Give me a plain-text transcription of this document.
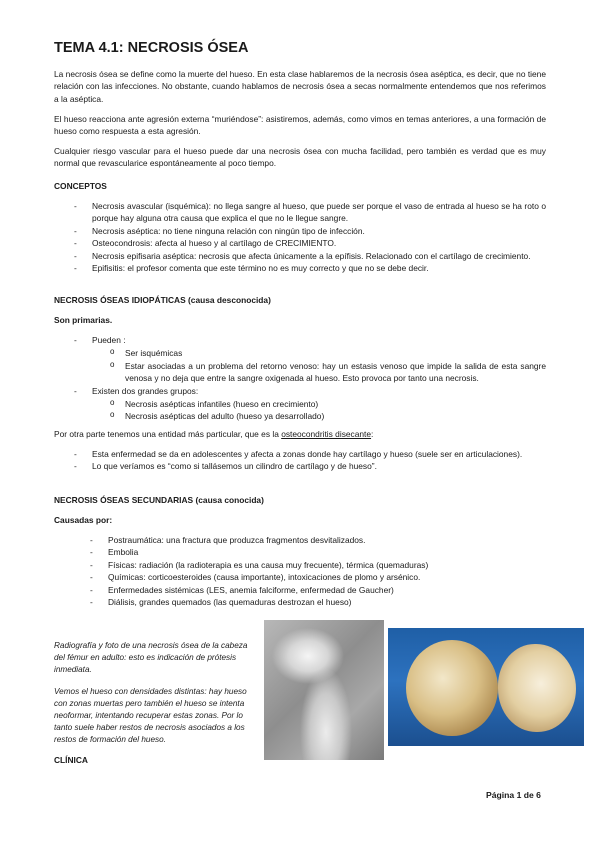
TEMA 4.1: NECROSIS ÓSEA

La necrosis ósea se define como la muerte del hueso. En esta clase hablaremos de la necrosis ósea aséptica, es decir, que no tiene relación con las infecciones. No obstante, cuando hablamos de necrosis ósea a secas normalmente entendemos que nos referimos a la aséptica.

El hueso reacciona ante agresión externa “muriéndose”: asistiremos, además, como vimos en temas anteriores, a una formación de hueso como respuesta a esta agresión.

Cualquier riesgo vascular para el hueso puede dar una necrosis ósea con mucha facilidad, pero también es verdad que es muy normal que revascularice espontáneamente al poco tiempo.

CONCEPTOS

- Necrosis avascular (isquémica): no llega sangre al hueso, que puede ser porque el vaso de entrada al hueso se ha roto o porque hay alguna otra causa que explica el que no le llegue sangre.
- Necrosis aséptica: no tiene ninguna relación con ningún tipo de infección.
- Osteocondrosis: afecta al hueso y al cartílago de CRECIMIENTO.
- Necrosis epifisaria aséptica: necrosis que afecta únicamente a la epífisis. Relacionado con el cartílago de crecimiento.
- Epifisitis: el profesor comenta que este término no es muy correcto y que no se debe decir.

NECROSIS ÓSEAS IDIOPÁTICAS (causa desconocida)

Son primarias.

- Pueden :
o Ser isquémicas
o Estar asociadas a un problema del retorno venoso: hay un estasis venoso que impide la salida de esta sangre venosa y no deja que entre la sangre oxigenada al hueso. Esto provoca por tanto una necrosis.
- Existen dos grandes grupos:
o Necrosis asépticas infantiles (hueso en crecimiento)
o Necrosis asépticas del adulto (hueso ya desarrollado)

Por otra parte tenemos una entidad más particular, que es la osteocondritis disecante:

- Esta enfermedad se da en adolescentes y afecta a zonas donde hay cartílago y hueso (suele ser en articulaciones).
- Lo que veríamos es “como si tallásemos un cilindro de cartílago y de hueso”.

NECROSIS ÓSEAS SECUNDARIAS (causa conocida)

Causadas por:

- Postraumática: una fractura que produzca fragmentos desvitalizados.
- Embolia
- Físicas: radiación (la radioterapia es una causa muy frecuente), térmica (quemaduras)
- Químicas: corticoesteroides (causa importante), intoxicaciones de plomo y arsénico.
- Enfermedades sistémicas (LES, anemia falciforme, enfermedad de Gaucher)
- Diálisis, grandes quemados (las quemaduras destrozan el hueso)

Radiografía y foto de una necrosis ósea de la cabeza del fémur en adulto: esto es indicación de prótesis inmediata.

Vemos el hueso con densidades distintas: hay hueso con zonas muertas pero también el hueso se intenta neoformar, intentando recuperar estas zonas. Por lo tanto suele haber restos de necrosis asociados a los restos de formación del hueso.

CLÍNICA

Página 1 de 6
